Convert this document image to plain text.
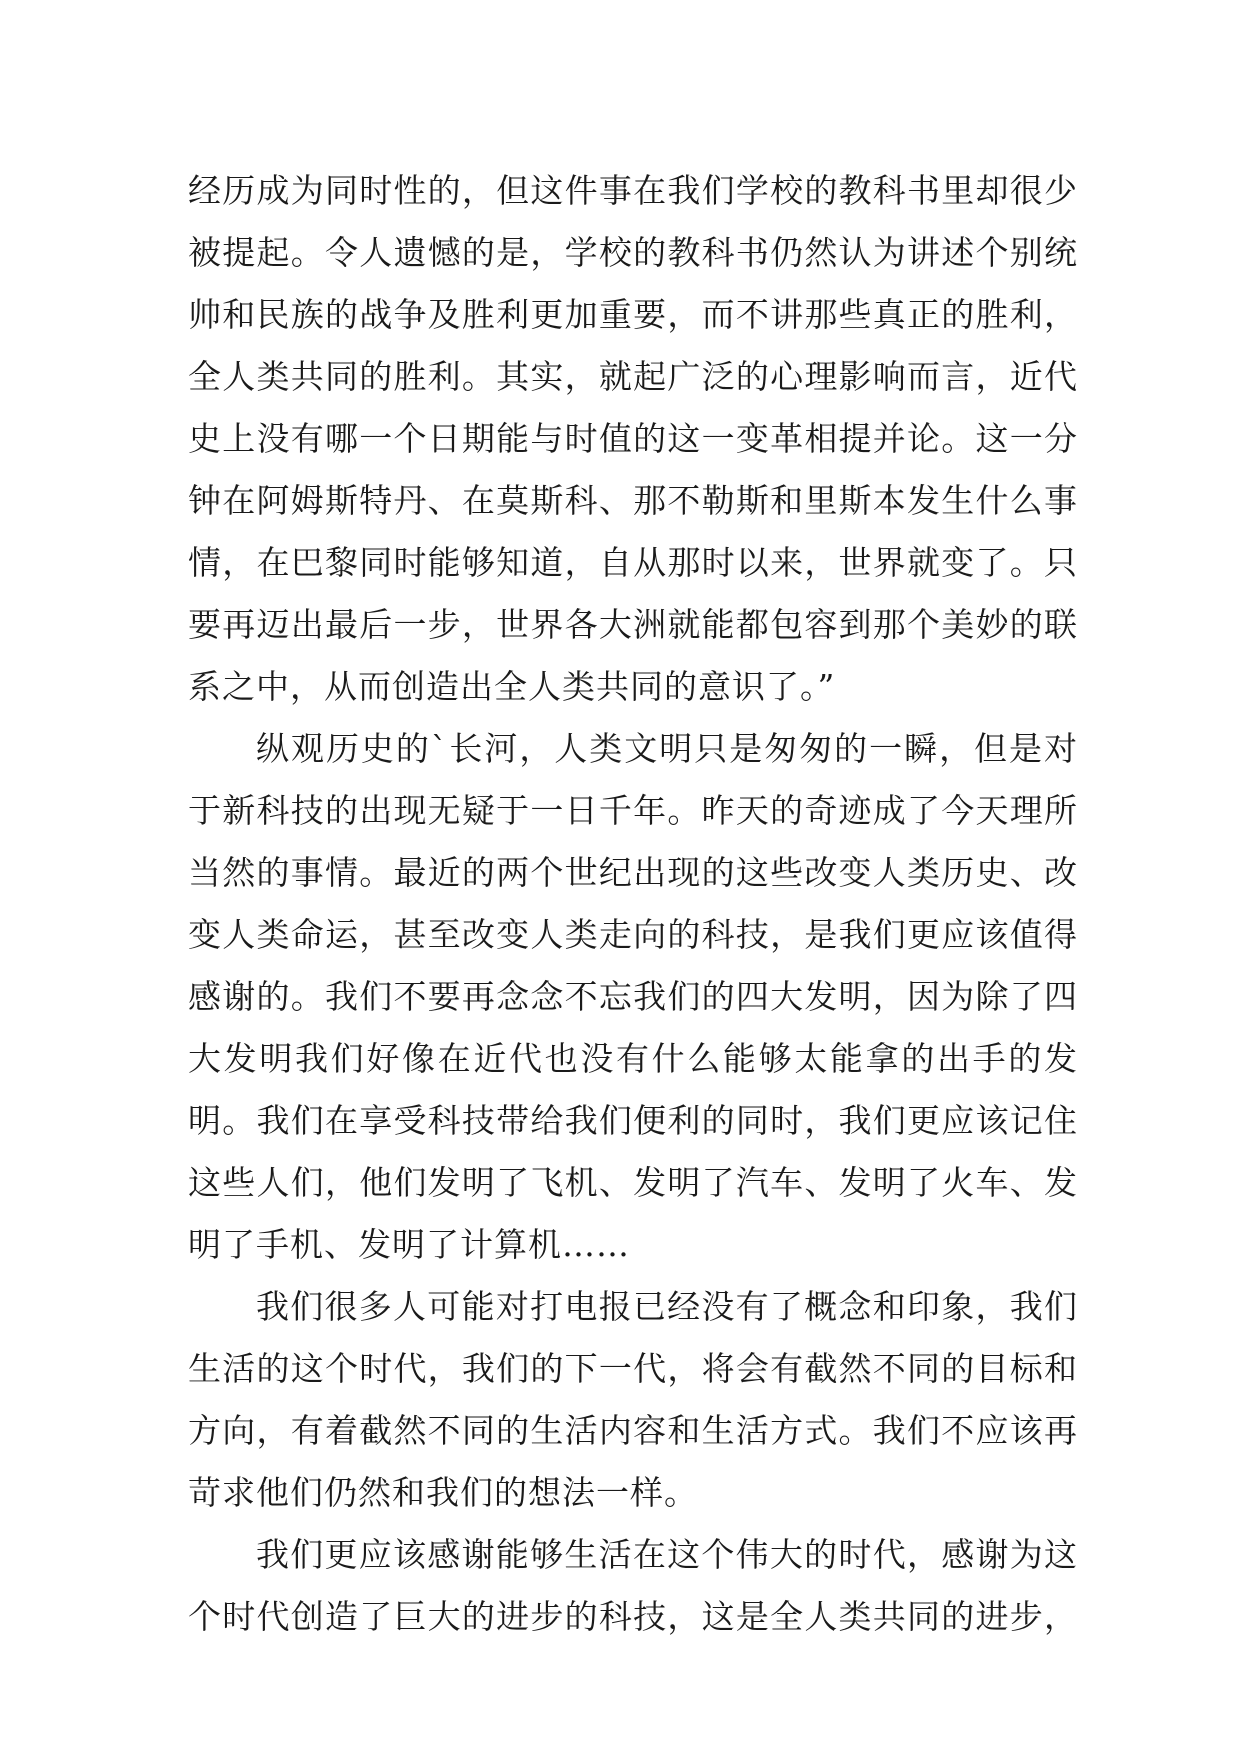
经历成为同时性的，但这件事在我们学校的教科书里却很少
被提起。令人遗憾的是，学校的教科书仍然认为讲述个别统
帅和民族的战争及胜利更加重要，而不讲那些真正的胜利，
全人类共同的胜利。其实，就起广泛的心理影响而言，近代
史上没有哪一个日期能与时值的这一变革相提并论。这一分
钟在阿姆斯特丹、在莫斯科、那不勒斯和里斯本发生什么事
情，在巴黎同时能够知道，自从那时以来，世界就变了。只
要再迈出最后一步，世界各大洲就能都包容到那个美妙的联
系之中，从而创造出全人类共同的意识了。”
纵观历史的`长河，人类文明只是匆匆的一瞬，但是对
于新科技的出现无疑于一日千年。昨天的奇迹成了今天理所
当然的事情。最近的两个世纪出现的这些改变人类历史、改
变人类命运，甚至改变人类走向的科技，是我们更应该值得
感谢的。我们不要再念念不忘我们的四大发明，因为除了四
大发明我们好像在近代也没有什么能够太能拿的出手的发
明。我们在享受科技带给我们便利的同时，我们更应该记住
这些人们，他们发明了飞机、发明了汽车、发明了火车、发
明了手机、发明了计算机……
我们很多人可能对打电报已经没有了概念和印象，我们
生活的这个时代，我们的下一代，将会有截然不同的目标和
方向，有着截然不同的生活内容和生活方式。我们不应该再
苛求他们仍然和我们的想法一样。
我们更应该感谢能够生活在这个伟大的时代，感谢为这
个时代创造了巨大的进步的科技，这是全人类共同的进步，
